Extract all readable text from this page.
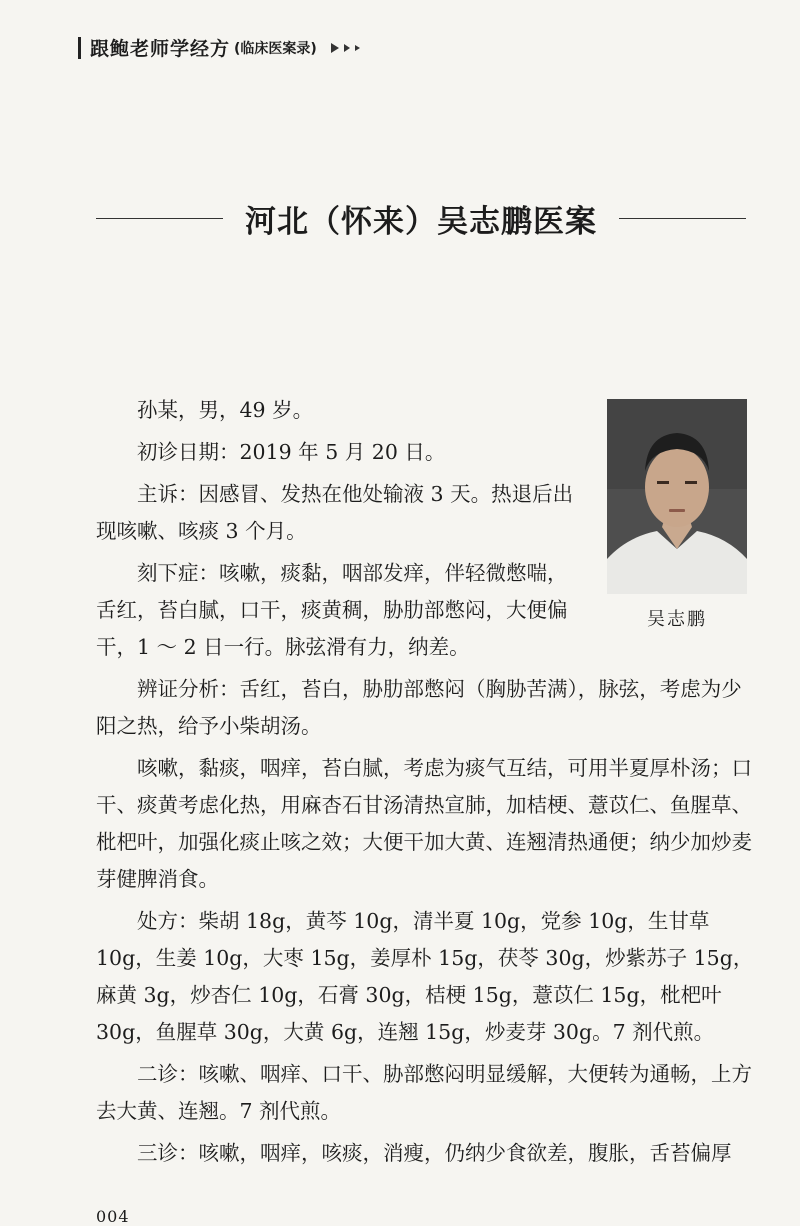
跟鲍老师学经方 (临床医案录)
河北（怀来）吴志鹏医案
吴志鹏

孙某，男，49 岁。

初诊日期：2019 年 5 月 20 日。

主诉：因感冒、发热在他处输液 3 天。热退后出现咳嗽、咳痰 3 个月。

刻下症：咳嗽，痰黏，咽部发痒，伴轻微憋喘，舌红，苔白腻，口干，痰黄稠，胁肋部憋闷，大便偏干，1 ～ 2 日一行。脉弦滑有力，纳差。

辨证分析：舌红，苔白，胁肋部憋闷（胸胁苦满），脉弦，考虑为少阳之热，给予小柴胡汤。

咳嗽，黏痰，咽痒，苔白腻，考虑为痰气互结，可用半夏厚朴汤；口干、痰黄考虑化热，用麻杏石甘汤清热宣肺，加桔梗、薏苡仁、鱼腥草、枇杷叶，加强化痰止咳之效；大便干加大黄、连翘清热通便；纳少加炒麦芽健脾消食。

处方：柴胡 18g，黄芩 10g，清半夏 10g，党参 10g，生甘草 10g，生姜 10g，大枣 15g，姜厚朴 15g，茯苓 30g，炒紫苏子 15g，麻黄 3g，炒杏仁 10g，石膏 30g，桔梗 15g，薏苡仁 15g，枇杷叶 30g，鱼腥草 30g，大黄 6g，连翘 15g，炒麦芽 30g。7 剂代煎。

二诊：咳嗽、咽痒、口干、胁部憋闷明显缓解，大便转为通畅，上方去大黄、连翘。7 剂代煎。

三诊：咳嗽，咽痒，咳痰，消瘦，仍纳少食欲差，腹胀，舌苔偏厚

004
